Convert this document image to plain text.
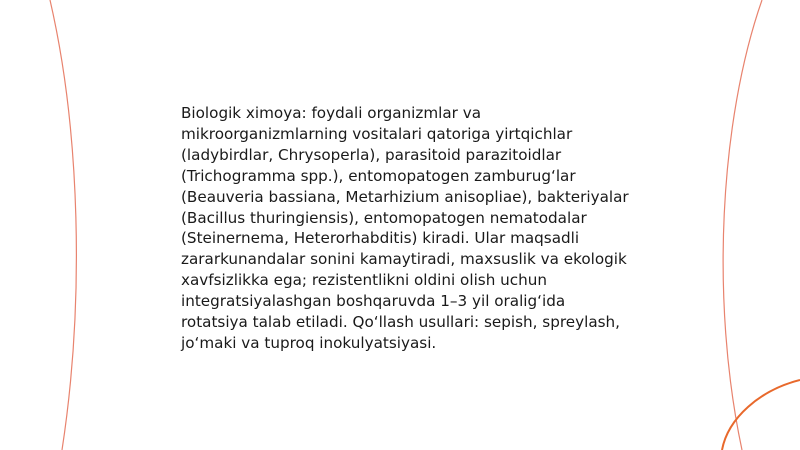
Biologik ximoya: foydali organizmlar va mikroorganizmlarning vositalari qatoriga yirtqichlar (ladybirdlar, Chrysoperla), parasitoid parazitoidlar (Trichogramma spp.), entomopatogen zamburug‘lar (Beauveria bassiana, Metarhizium anisopliae), bakteriyalar (Bacillus thuringiensis), entomopatogen nematodalar (Steinernema, Heterorhabditis) kiradi. Ular maqsadli zararkunandalar sonini kamaytiradi, maxsuslik va ekologik xavfsizlikka ega; rezistentlikni oldini olish uchun integratsiyalashgan boshqaruvda 1–3 yil oralig‘ida rotatsiya talab etiladi. Qo‘llash usullari: sepish, spreylash, jo‘maki va tuproq inokulyatsiyasi.
